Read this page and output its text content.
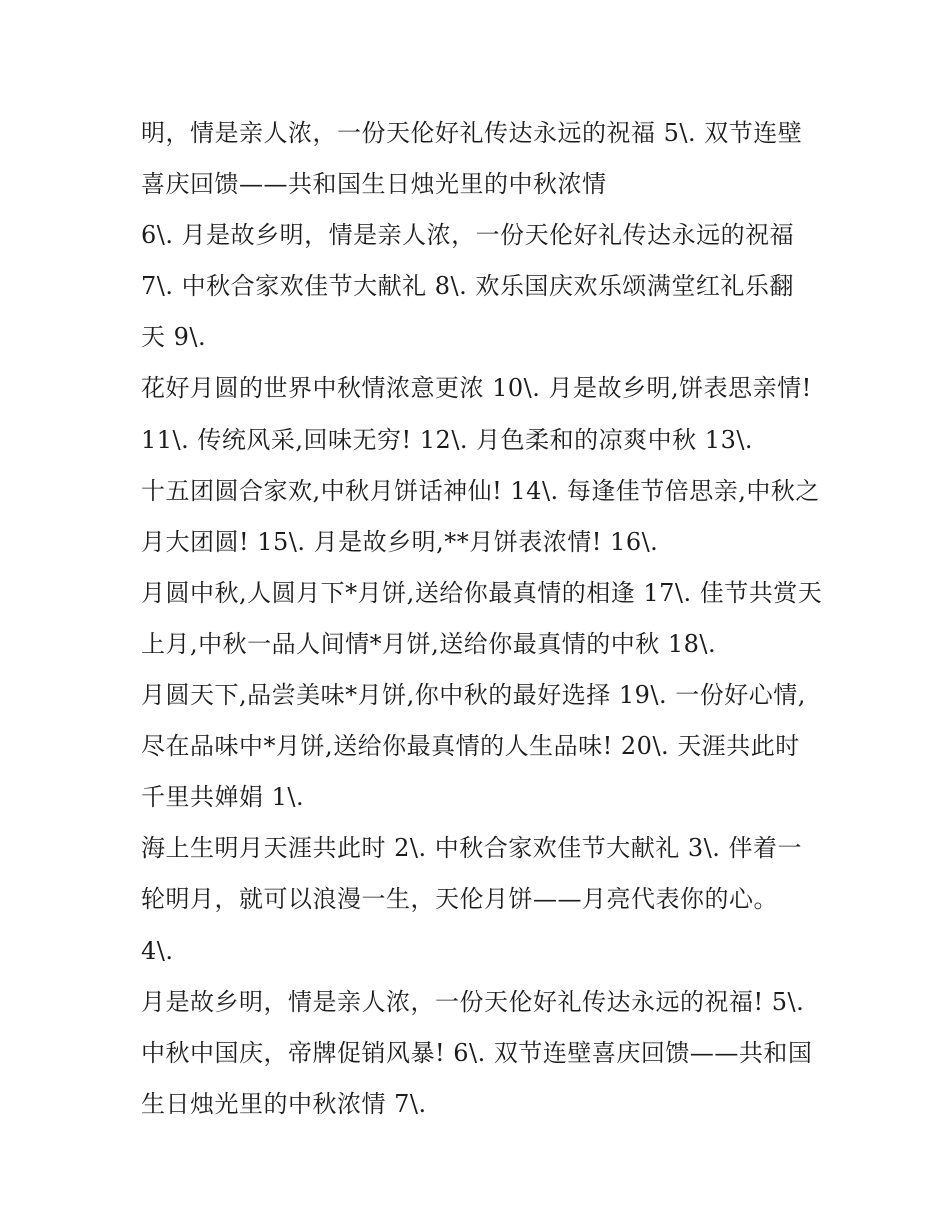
明，情是亲人浓，一份天伦好礼传达永远的祝福 5\. 双节连壁
喜庆回馈——共和国生日烛光里的中秋浓情
6\. 月是故乡明，情是亲人浓，一份天伦好礼传达永远的祝福
7\. 中秋合家欢佳节大献礼 8\. 欢乐国庆欢乐颂满堂红礼乐翻
天 9\.
花好月圆的世界中秋情浓意更浓 10\. 月是故乡明,饼表思亲情!
11\. 传统风采,回味无穷! 12\. 月色柔和的凉爽中秋 13\.
十五团圆合家欢,中秋月饼话神仙! 14\. 每逢佳节倍思亲,中秋之
月大团圆! 15\. 月是故乡明,**月饼表浓情! 16\.
月圆中秋,人圆月下*月饼,送给你最真情的相逢 17\. 佳节共赏天
上月,中秋一品人间情*月饼,送给你最真情的中秋 18\.
月圆天下,品尝美味*月饼,你中秋的最好选择 19\. 一份好心情,
尽在品味中*月饼,送给你最真情的人生品味! 20\. 天涯共此时
千里共婵娟 1\.
海上生明月天涯共此时 2\. 中秋合家欢佳节大献礼 3\. 伴着一
轮明月，就可以浪漫一生，天伦月饼——月亮代表你的心。
4\.
月是故乡明，情是亲人浓，一份天伦好礼传达永远的祝福! 5\.
中秋中国庆，帝牌促销风暴! 6\. 双节连壁喜庆回馈——共和国
生日烛光里的中秋浓情 7\.
